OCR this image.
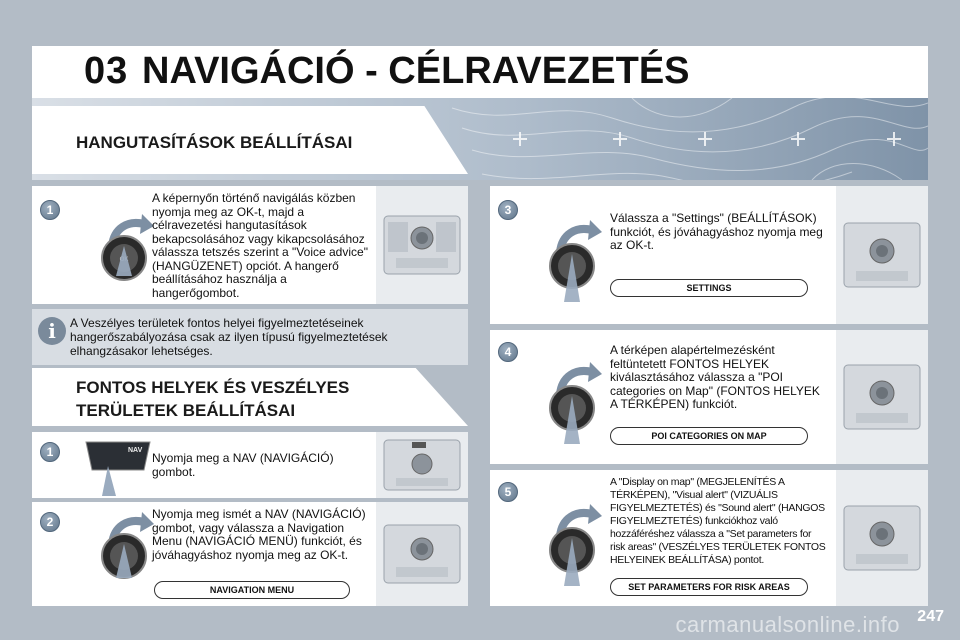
03 NAVIGÁCIÓ - CÉLRAVEZETÉS
HANGUTASÍTÁSOK BEÁLLÍTÁSAI
1
A képernyőn történő navigálás közben nyomja meg az OK-t, majd a célravezetési hangutasítások bekapcsolásához vagy kikapcsolásához válassza tetszés szerint a "Voice advice" (HANGÜZENET) opciót. A hangerő beállításához használja a hangerőgombot.
i	A Veszélyes területek fontos helyei figyelmeztetéseinek hangerőszabályozása csak az ilyen típusú figyelmeztetések elhangzásakor lehetséges.
FONTOS HELYEK ÉS VESZÉLYES
TERÜLETEK BEÁLLÍTÁSAI
1	NAV
Nyomja meg a NAV (NAVIGÁCIÓ) gombot.
2
Nyomja meg ismét a NAV (NAVIGÁCIÓ) gombot, vagy válassza a Navigation Menu (NAVIGÁCIÓ MENÜ) funkciót, és jóváhagyáshoz nyomja meg az OK-t.
NAVIGATION MENU
3
Válassza a "Settings" (BEÁLLÍTÁSOK) funkciót, és jóváhagyáshoz nyomja meg az OK-t.
SETTINGS
4	A térképen alapértelmezésként feltüntetett FONTOS HELYEK kiválasztásához válassza a "POI categories on Map" (FONTOS HELYEK A TÉRKÉPEN) funkciót.
POI CATEGORIES ON MAP
5
A "Display on map" (MEGJELENÍTÉS A TÉRKÉPEN), "Visual alert" (VIZUÁLIS FIGYELMEZTETÉS) és "Sound alert" (HANGOS FIGYELMEZTETÉS) funkciókhoz való hozzáféréshez válassza a "Set parameters for risk areas" (VESZÉLYES TERÜLETEK FONTOS HELYEINEK BEÁLLÍTÁSA) pontot.
SET PARAMETERS FOR RISK AREAS
247
carmanualsonline.info
